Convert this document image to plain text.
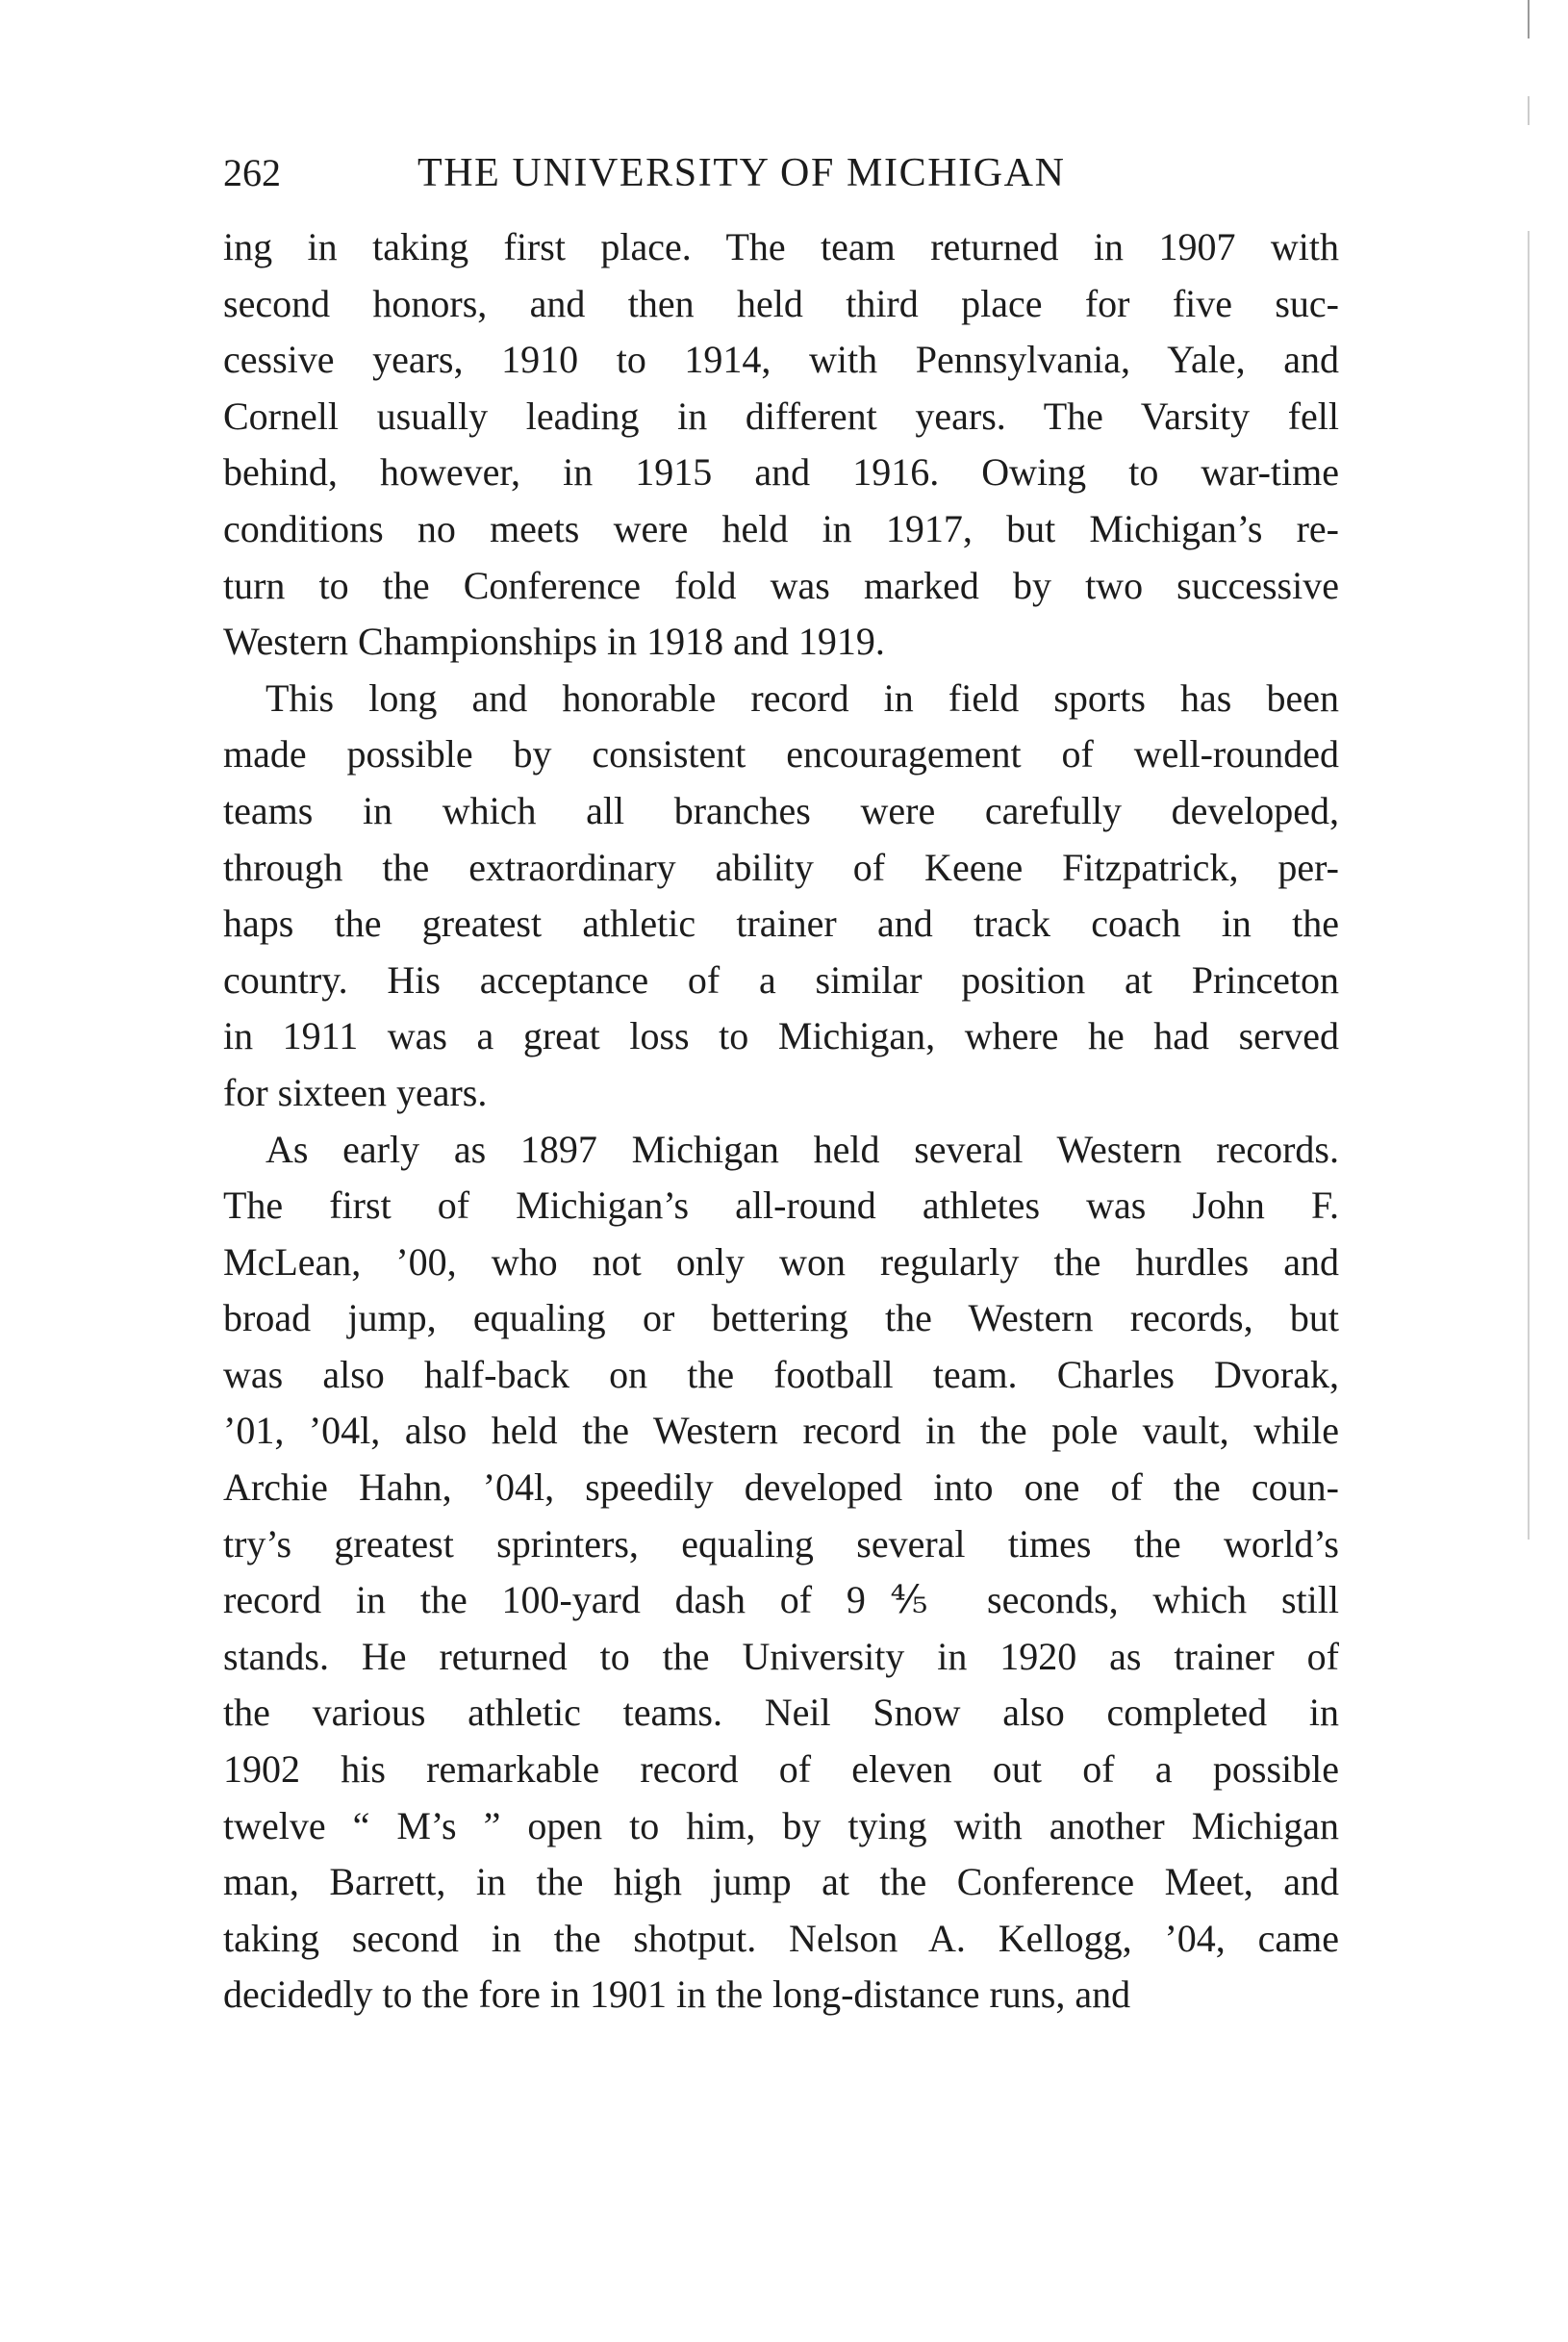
262	THE UNIVERSITY OF MICHIGAN
ing in taking first place. The team returned in 1907 with
second honors, and then held third place for five suc-
cessive years, 1910 to 1914, with Pennsylvania, Yale, and
Cornell usually leading in different years. The Varsity fell
behind, however, in 1915 and 1916. Owing to war-time
conditions no meets were held in 1917, but Michigan’s re-
turn to the Conference fold was marked by two successive
Western Championships in 1918 and 1919.
This long and honorable record in field sports has been
made possible by consistent encouragement of well-rounded
teams in which all branches were carefully developed,
through the extraordinary ability of Keene Fitzpatrick, per-
haps the greatest athletic trainer and track coach in the
country. His acceptance of a similar position at Princeton
in 1911 was a great loss to Michigan, where he had served
for sixteen years.
As early as 1897 Michigan held several Western records.
The first of Michigan’s all-round athletes was John F.
McLean, ’00, who not only won regularly the hurdles and
broad jump, equaling or bettering the Western records, but
was also half-back on the football team. Charles Dvorak,
’01, ’04l, also held the Western record in the pole vault, while
Archie Hahn, ’04l, speedily developed into one of the coun-
try’s greatest sprinters, equaling several times the world’s
record in the 100-yard dash of 9⅘ seconds, which still
stands. He returned to the University in 1920 as trainer of
the various athletic teams. Neil Snow also completed in
1902 his remarkable record of eleven out of a possible
twelve “ M’s ” open to him, by tying with another Michigan
man, Barrett, in the high jump at the Conference Meet, and
taking second in the shotput. Nelson A. Kellogg, ’04, came
decidedly to the fore in 1901 in the long-distance runs, and
